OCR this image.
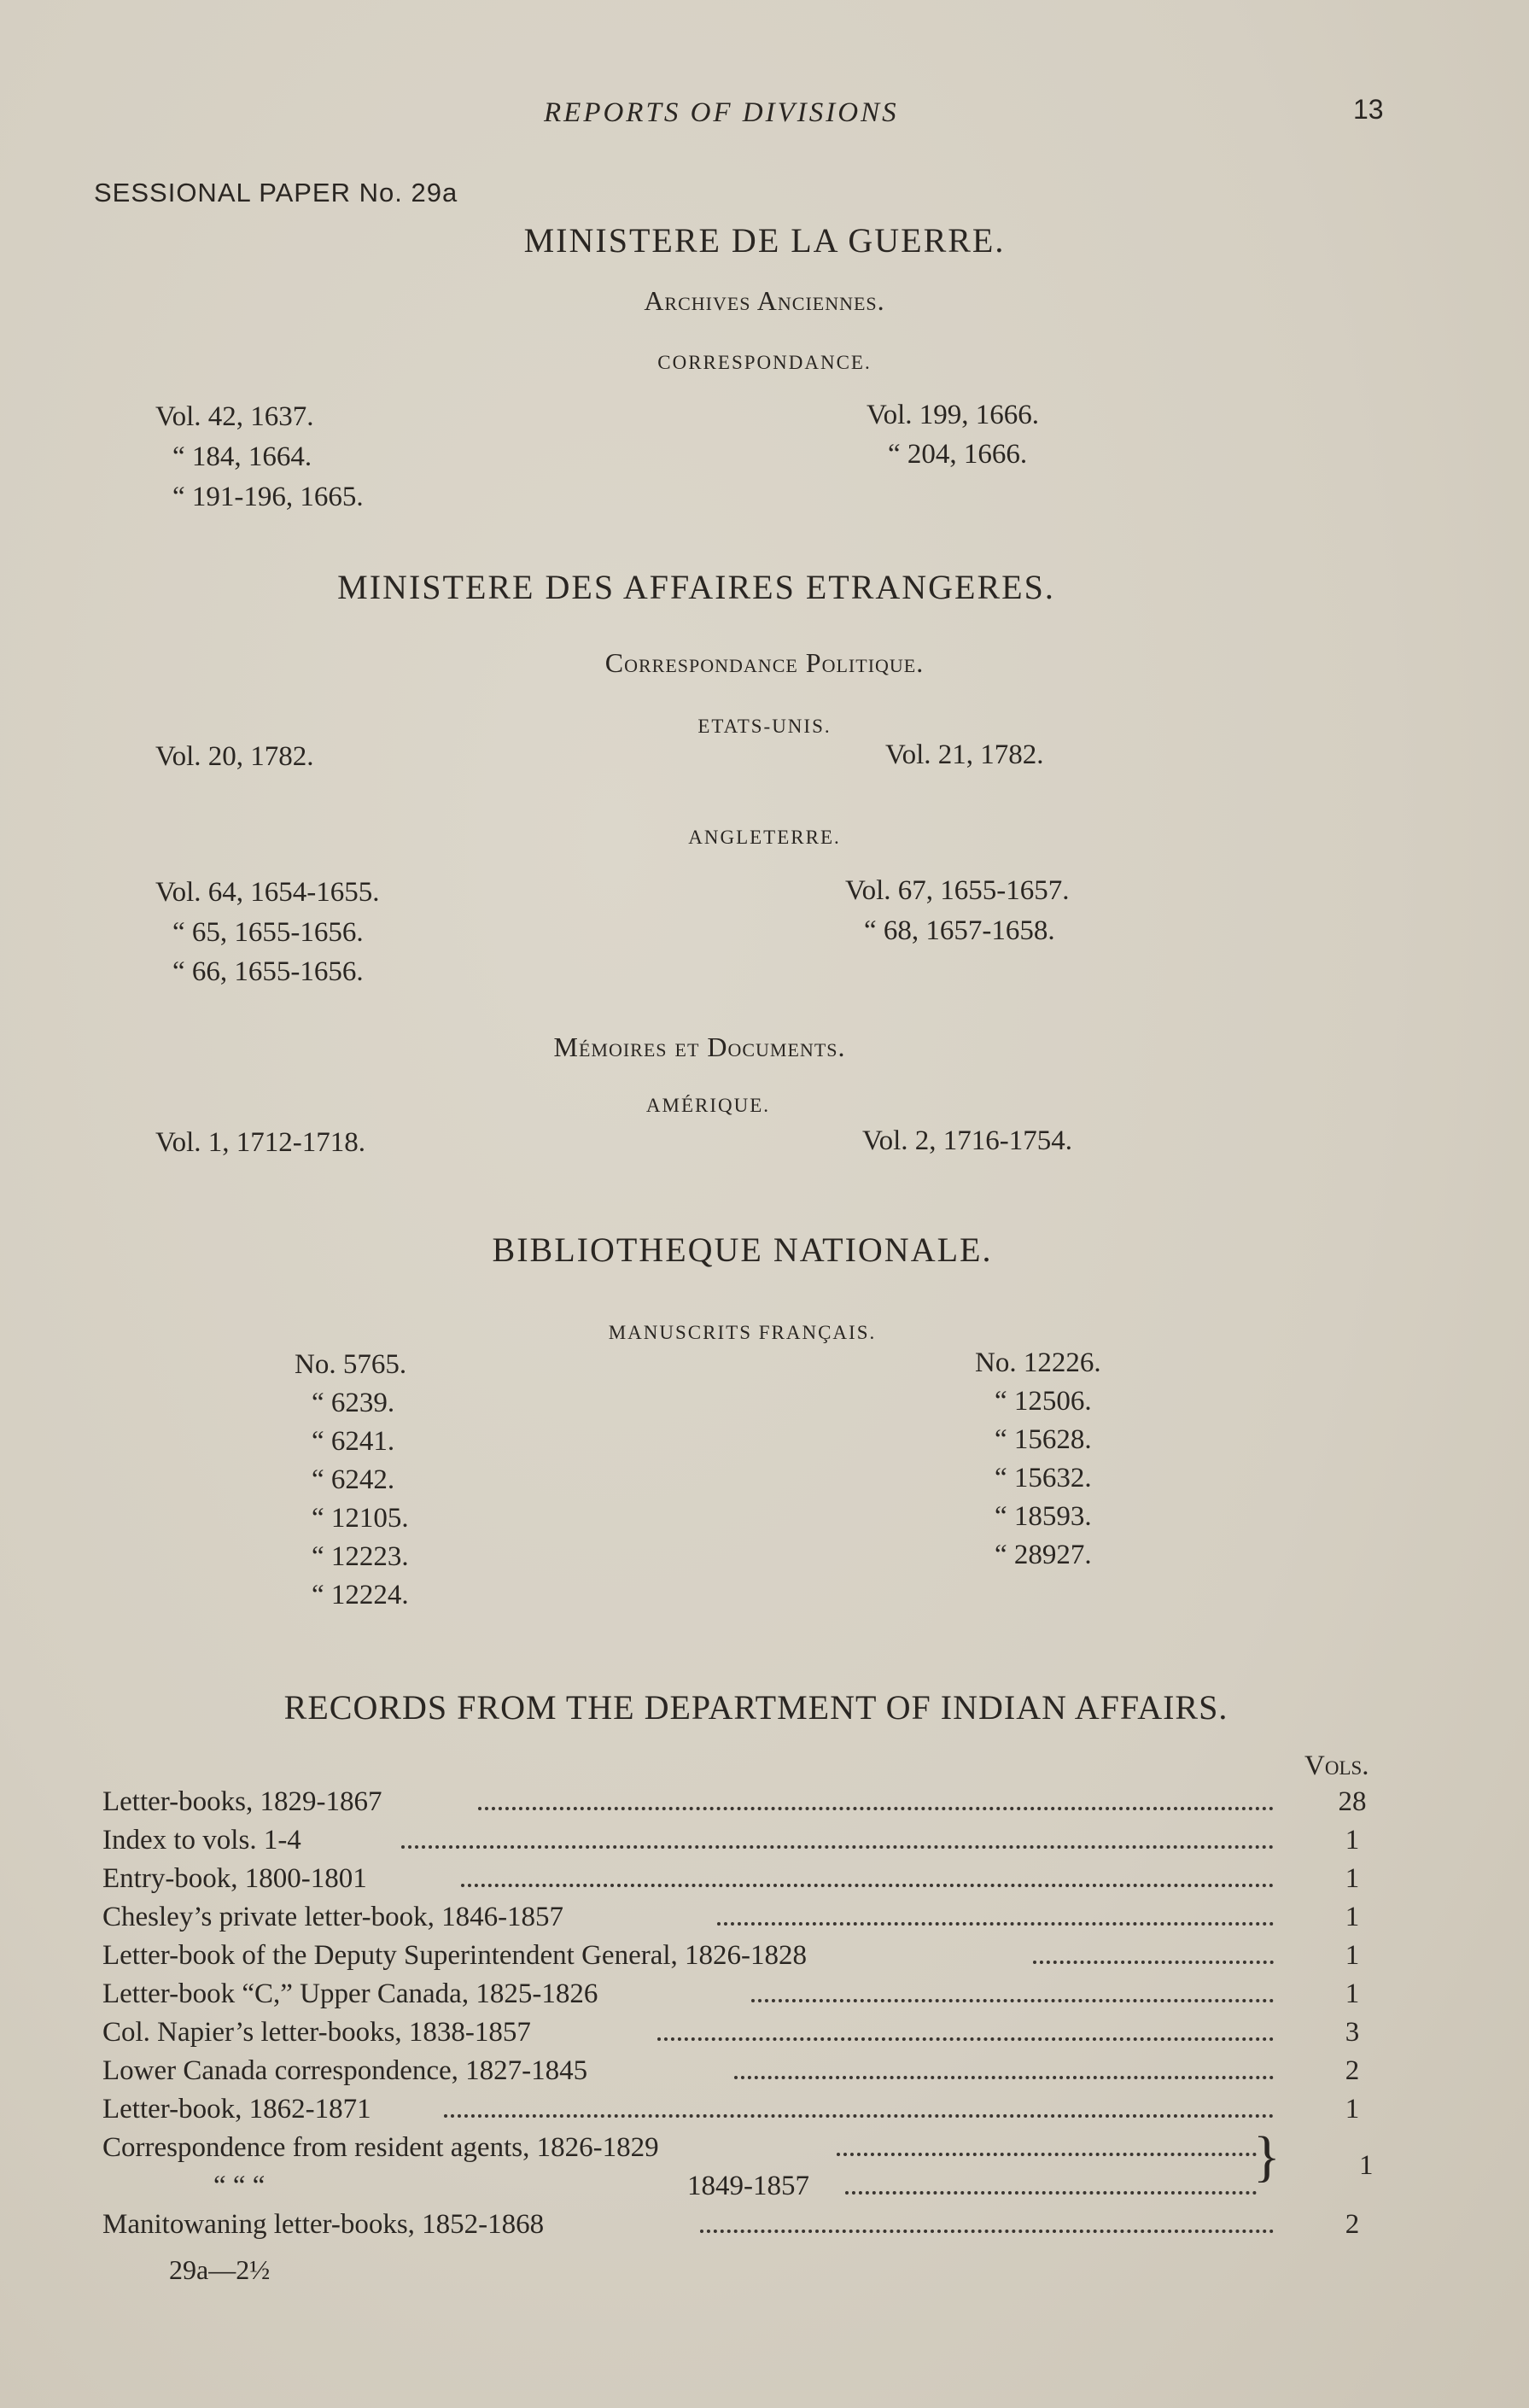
REPORTS OF DIVISIONS	13
SESSIONAL PAPER No. 29a
MINISTERE DE LA GUERRE.
Archives Anciennes.
CORRESPONDANCE.
Vol. 42, 1637.
“ 184, 1664.
“ 191-196, 1665.
Vol. 199, 1666.
“ 204, 1666.
MINISTERE DES AFFAIRES ETRANGERES.
Correspondance Politique.
ETATS-UNIS.
Vol. 20, 1782.	Vol. 21, 1782.
ANGLETERRE.
Vol. 64, 1654-1655.
“ 65, 1655-1656.
“ 66, 1655-1656.
Vol. 67, 1655-1657.
“ 68, 1657-1658.
Mémoires et Documents.
AMÉRIQUE.
Vol. 1, 1712-1718.	Vol. 2, 1716-1754.
BIBLIOTHEQUE NATIONALE.
MANUSCRITS FRANÇAIS.
No. 5765.
“ 6239.
“ 6241.
“ 6242.
“ 12105.
“ 12223.
“ 12224.
No. 12226.
“ 12506.
“ 15628.
“ 15632.
“ 18593.
“ 28927.
RECORDS FROM THE DEPARTMENT OF INDIAN AFFAIRS.
Vols.
Letter-books, 1829-1867	28
Index to vols. 1-4	1
Entry-book, 1800-1801	1
Chesley’s private letter-book, 1846-1857	1
Letter-book of the Deputy Superintendent General, 1826-1828	1
Letter-book “C,” Upper Canada, 1825-1826	1
Col. Napier’s letter-books, 1838-1857	3
Lower Canada correspondence, 1827-1845	2
Letter-book, 1862-1871	1
Correspondence from resident agents, 1826-1829
“ “ “	1849-1857	}	1
Manitowaning letter-books, 1852-1868	2
29a—2½
